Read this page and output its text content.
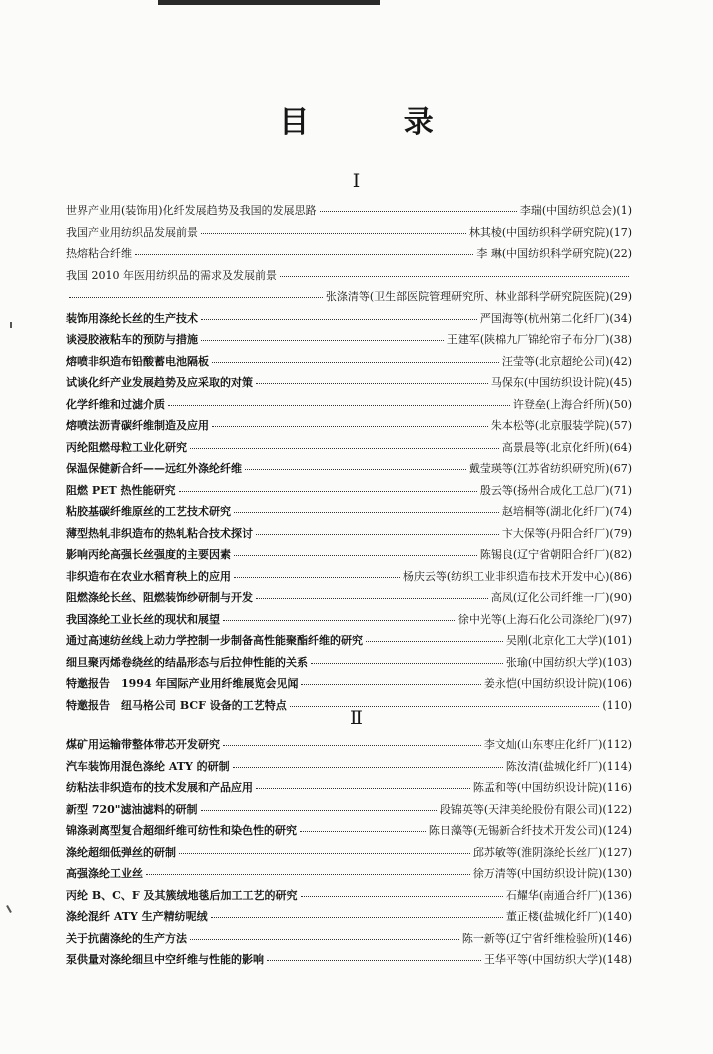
目 录
I
世界产业用(装饰用)化纤发展趋势及我国的发展思路	李瑞(中国纺织总会)(1)
我国产业用纺织品发展前景	林其棱(中国纺织科学研究院)(17)
热熔粘合纤维	李 琳(中国纺织科学研究院)(22)
我国 2010 年医用纺织品的需求及发展前景
张涤清等(卫生部医院管理研究所、林业部科学研究院医院)(29)
装饰用涤纶长丝的生产技术	严国海等(杭州第二化纤厂)(34)
谈浸胶液粘车的预防与措施	王建军(陕棉九厂锦纶帘子布分厂)(38)
熔喷非织造布铅酸蓄电池隔板	汪莹等(北京超纶公司)(42)
试谈化纤产业发展趋势及应采取的对策	马保东(中国纺织设计院)(45)
化学纤维和过滤介质	许登垒(上海合纤所)(50)
熔喷法沥青碳纤维制造及应用	朱本松等(北京服装学院)(57)
丙纶阻燃母粒工业化研究	高景晨等(北京化纤所)(64)
保温保健新合纤——远红外涤纶纤维	戴莹瑛等(江苏省纺织研究所)(67)
阻燃 PET 热性能研究	殷云等(扬州合成化工总厂)(71)
粘胶基碳纤维原丝的工艺技术研究	赵培桐等(湖北化纤厂)(74)
薄型热轧非织造布的热轧粘合技术探讨	卞大保等(丹阳合纤厂)(79)
影响丙纶高强长丝强度的主要因素	陈锡良(辽宁省朝阳合纤厂)(82)
非织造布在农业水稻育秧上的应用	杨庆云等(纺织工业非织造布技术开发中心)(86)
阻燃涤纶长丝、阻燃装饰纱研制与开发	高凤(辽化公司纤维一厂)(90)
我国涤纶工业长丝的现状和展望	徐中光等(上海石化公司涤纶厂)(97)
通过高速纺丝线上动力学控制一步制备高性能聚酯纤维的研究	吴刚(北京化工大学)(101)
细旦聚丙烯卷绕丝的结晶形态与后拉伸性能的关系	张瑜(中国纺织大学)(103)
特邀报告　1994 年国际产业用纤维展览会见闻	姜永恺(中国纺织设计院)(106)
特邀报告　纽马格公司 BCF 设备的工艺特点	(110)
Ⅱ
煤矿用运输带整体带芯开发研究	李文灿(山东枣庄化纤厂)(112)
汽车装饰用混色涤纶 ATY 的研制	陈汝清(盐城化纤厂)(114)
纺粘法非织造布的技术发展和产品应用	陈孟和等(中国纺织设计院)(116)
新型 720"滤油滤料的研制	段锦英等(天津美纶股份有限公司)(122)
锦涤剥离型复合超细纤维可纺性和染色性的研究	陈日藻等(无锡新合纤技术开发公司)(124)
涤纶超细低弹丝的研制	邱苏敏等(淮阴涤纶长丝厂)(127)
高强涤纶工业丝	徐万清等(中国纺织设计院)(130)
丙纶 B、C、F 及其簇绒地毯后加工工艺的研究	石耀华(南通合纤厂)(136)
涤纶混纤 ATY 生产精纺呢绒	董正楼(盐城化纤厂)(140)
关于抗菌涤纶的生产方法	陈一新等(辽宁省纤维检验所)(146)
泵供量对涤纶细旦中空纤维与性能的影响	王华平等(中国纺织大学)(148)
